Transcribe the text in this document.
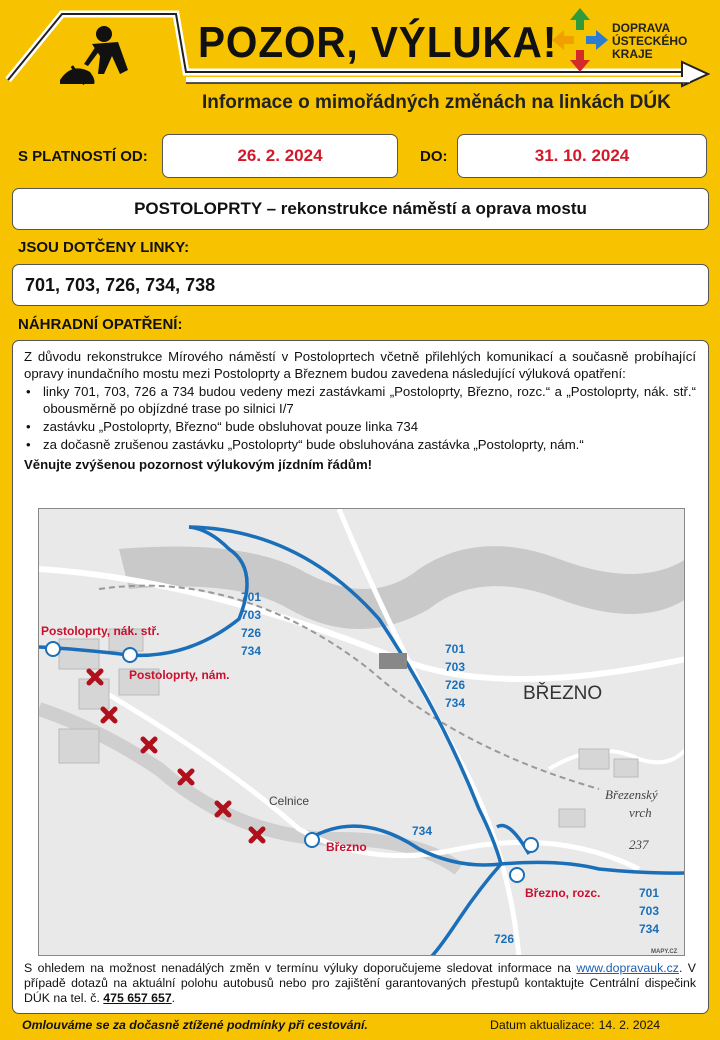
POZOR, VÝLUKA!
Informace o mimořádných změnách na linkách DÚK
DOPRAVA
ÚSTECKÉHO
KRAJE
S PLATNOSTÍ OD:	26. 2. 2024	DO:	31. 10. 2024
POSTOLOPRTY – rekonstrukce náměstí a oprava mostu
JSOU DOTČENY LINKY:
701, 703, 726, 734, 738
NÁHRADNÍ OPATŘENÍ:

Z důvodu rekonstrukce Mírového náměstí v Postoloprtech včetně přilehlých komunikací a současně probíhající opravy inundačního mostu mezi Postoloprty a Březnem budou zavedena následující výluková opatření:

• linky 701, 703, 726 a 734 budou vedeny mezi zastávkami „Postoloprty, Březno, rozc.“ a „Postoloprty, nák. stř.“ obousměrně po objízdné trase po silnici I/7
• zastávku „Postoloprty, Březno“ bude obsluhovat pouze linka 734
• za dočasně zrušenou zastávku „Postoloprty“ bude obsluhována zastávka „Postoloprty, nám.“

Věnujte zvýšenou pozornost výlukovým jízdním řádům!

Postoloprty, nák. stř.
Postoloprty, nám.
Březno
Březno, rozc.
BŘEZNO
Celnice	Březenský
vrch
237
MAPY.CZ
701
703
726
734	701
703
726
734
701
703
734
734
726
S ohledem na možnost nenadálých změn v termínu výluky doporučujeme sledovat informace na www.dopravauk.cz. V případě dotazů na aktuální polohu autobusů nebo pro zajištění garantovaných přestupů kontaktujte Centrální dispečink DÚK na tel. č. 475 657 657.
Omlouváme se za dočasně ztížené podmínky při cestování.	Datum aktualizace: 14. 2. 2024
